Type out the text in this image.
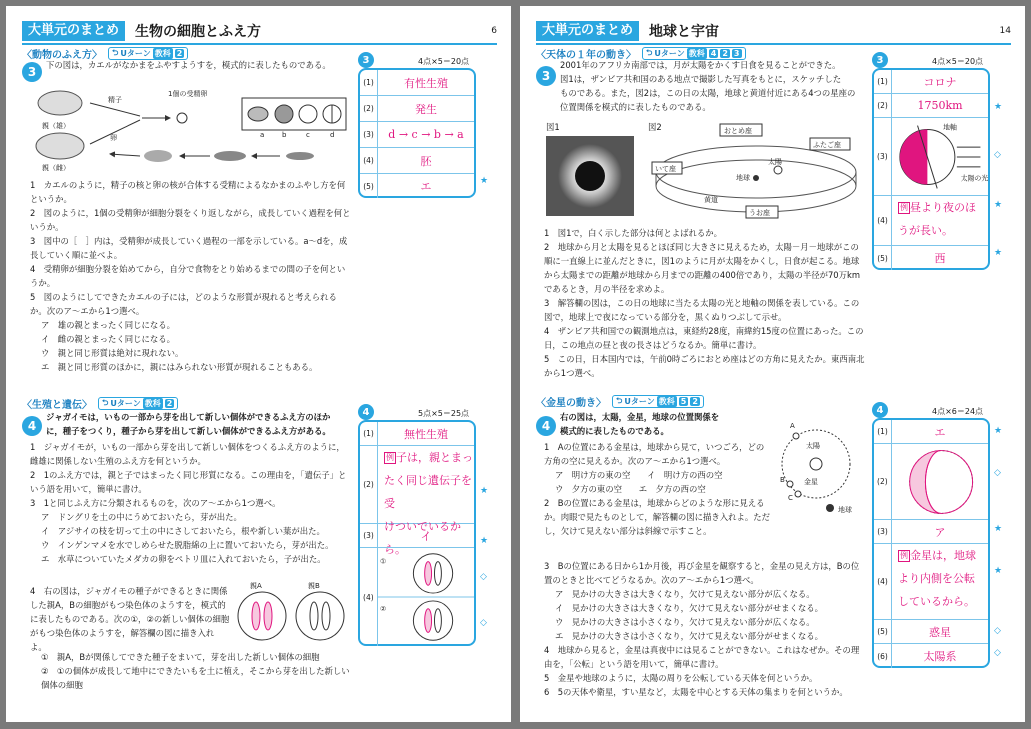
大単元のまとめ	生物の細胞とふえ方	6
〈動物のふえ方〉	⮌ Uターン 教科 2
3	下の図は，カエルがなかまをふやすようすを，模式的に表したものである。
親（雄）
親（雌）
精子
卵
1個の受精卵
a	b	c	d

1　カエルのように，精子の核と卵の核が合体する受精によるなかまのふやし方を何というか。

2　図のように，1個の受精卵が細胞分裂をくり返しながら，成長していく過程を何というか。

3　図中の［　］内は，受精卵が成長していく過程の一部を示している。a～dを，成長していく順に並べよ。

4　受精卵が細胞分裂を始めてから，自分で食物をとり始めるまでの間の子を何というか。

5　図のようにしてできたカエルの子には，どのような形質が現れると考えられるか。次のア～エから1つ選べ。

ア　雄の親とまったく同じになる。

イ　雌の親とまったく同じになる。

ウ　親と同じ形質は絶対に現れない。

エ　親と同じ形質のほかに，親にはみられない形質が現れることもある。

3	4点×5＝20点
(1)	有性生殖
(2)	発生
(3)	d → c → b → a
(4)	胚
(5)	エ	★
〈生殖と遺伝〉	⮌ Uターン 教科 2
4

ジャガイモは，いもの一部から芽を出して新しい個体ができるふえ方のほか

に，種子をつくり，種子から芽を出して新しい個体ができるふえ方がある。

1　ジャガイモが，いもの一部から芽を出して新しい個体をつくるふえ方のように，雌雄に関係しない生殖のふえ方を何というか。

2　1のふえ方では，親と子ではまったく同じ形質になる。この理由を，「遺伝子」という語を用いて，簡単に書け。

3　1と同じふえ方に分類されるものを，次のア～エから1つ選べ。

ア　ドングリを土の中にうめておいたら，芽が出た。

イ　アジサイの枝を切って土の中にさしておいたら，根や新しい葉が出た。

ウ　インゲンマメを水でしめらせた脱脂綿の上に置いておいたら，芽が出た。

エ　水草についていたメダカの卵をペトリ皿に入れておいたら，子が出た。

4　右の図は，ジャガイモの種子ができるときに関係した親A，Bの細胞がもつ染色体のようすを，模式的に表したものである。次の①，②の新しい個体の細胞がもつ染色体のようすを，解答欄の図に描き入れよ。

①　親A，Bが関係してできた種子をまいて，芽を出した新しい個体の細胞

②　①の個体が成長して地中にできたいもを土に植え，そこから芽を出した新しい個体の細胞

親A	親B
4	5点×5＝25点
(1)	無性生殖
(2)
例 子は，親とまっ
たく同じ遺伝子を受
けついでいるから。
(3)	イ
(4)
①
②
★
★
◇
◇
大単元のまとめ	地球と宇宙	14
〈天体の１年の動き〉	⮌ Uターン 教科 4 2 3
3

2001年のアフリカ南部では，月が太陽をかくす日食を見ることができた。

図1は，ザンビア共和国のある地点で撮影した写真をもとに，スケッチした

ものである。また，図2は，この日の太陽，地球と黄道付近にある4つの星座の

位置関係を模式的に表したものである。

図1	図2	おとめ座
ふたご座
いて座
うお座
太陽
地球
黄道

1　図1で，白く示した部分は何とよばれるか。

2　地球から月と太陽を見るとほぼ同じ大きさに見えるため，太陽－月－地球がこの順に一直線上に並んだときに，図1のように月が太陽をかくし，日食が起こる。地球から太陽までの距離が地球から月までの距離の400倍であり，太陽の半径が70万kmであるとき，月の半径を求めよ。

3　解答欄の図は，この日の地球に当たる太陽の光と地軸の関係を表している。この図で，地球上で夜になっている部分を，黒くぬりつぶして示せ。

4　ザンビア共和国での観測地点は，東経約28度，南緯約15度の位置にあった。この日，この地点の昼と夜の長さはどうなるか。簡単に書け。

5　この日，日本国内では，午前0時ごろにおとめ座はどの方角に見えたか。東西南北から1つ選べ。

3	4点×5＝20点
(1)	コロナ
(2)	1750km
(3)
地軸
太陽の光
(4)
例 昼より夜のほ
うが長い。
(5)	西
★
◇
★
★
〈金星の動き〉	⮌ Uターン 教科 5 2
4

右の図は，太陽，金星，地球の位置関係を

模式的に表したものである。

1　Aの位置にある金星は，地球から見て，いつごろ，どの方角の空に見えるか。次のア～エから1つ選べ。

ア　明け方の東の空　　 イ　明け方の西の空

ウ　夕方の東の空　　 エ　夕方の西の空

2　Bの位置にある金星は，地球からどのような形に見えるか。肉眼で見たものとして，解答欄の図に描き入れよ。ただし，欠けて見えない部分は斜線で示すこと。

太陽
A
B
C
金星
地球

3　Bの位置にある日から1か月後，再び金星を観察すると，金星の見え方は，Bの位置のときと比べてどうなるか。次のア～エから1つ選べ。

ア　見かけの大きさは大きくなり，欠けて見えない部分が広くなる。

イ　見かけの大きさは大きくなり，欠けて見えない部分がせまくなる。

ウ　見かけの大きさは小さくなり，欠けて見えない部分が広くなる。

エ　見かけの大きさは小さくなり，欠けて見えない部分がせまくなる。

4　地球から見ると，金星は真夜中には見ることができない。これはなぜか。その理由を，「公転」という語を用いて，簡単に書け。

5　金星や地球のように，太陽の周りを公転している天体を何というか。

6　5の天体や衛星，すい星など，太陽を中心とする天体の集まりを何というか。

4	4点×6＝24点
(1)	エ
(2)
(3)	ア
(4)
例 金星は，地球
より内側を公転
しているから。
(5)	惑星
(6)	太陽系
★
◇
★
★
◇
◇
